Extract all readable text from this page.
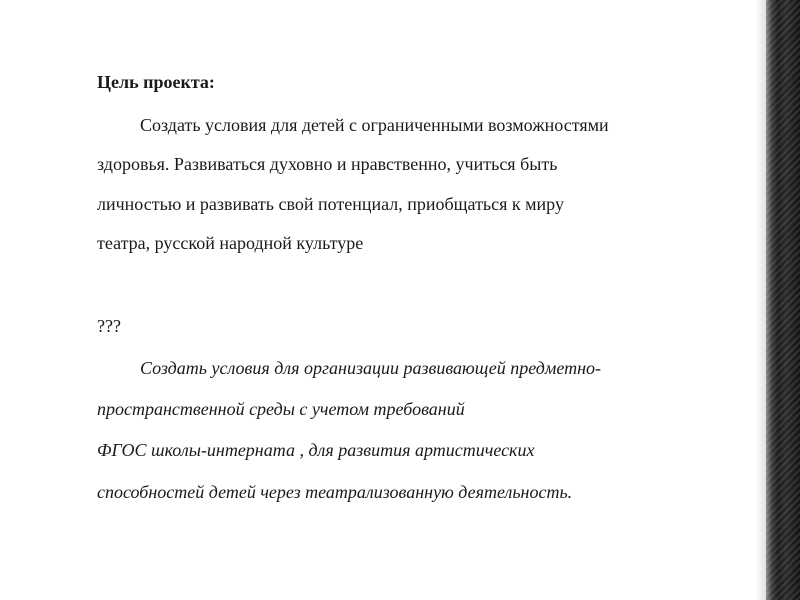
Цель проекта:
Создать условия для детей с ограниченными возможностями
здоровья. Развиваться духовно и нравственно, учиться быть
личностью и развивать свой потенциал, приобщаться к миру
театра, русской народной культуре
???
Создать условия для организации развивающей предметно-
пространственной среды с учетом требований
ФГОС школы-интерната , для развития артистических
способностей детей через театрализованную деятельность.
